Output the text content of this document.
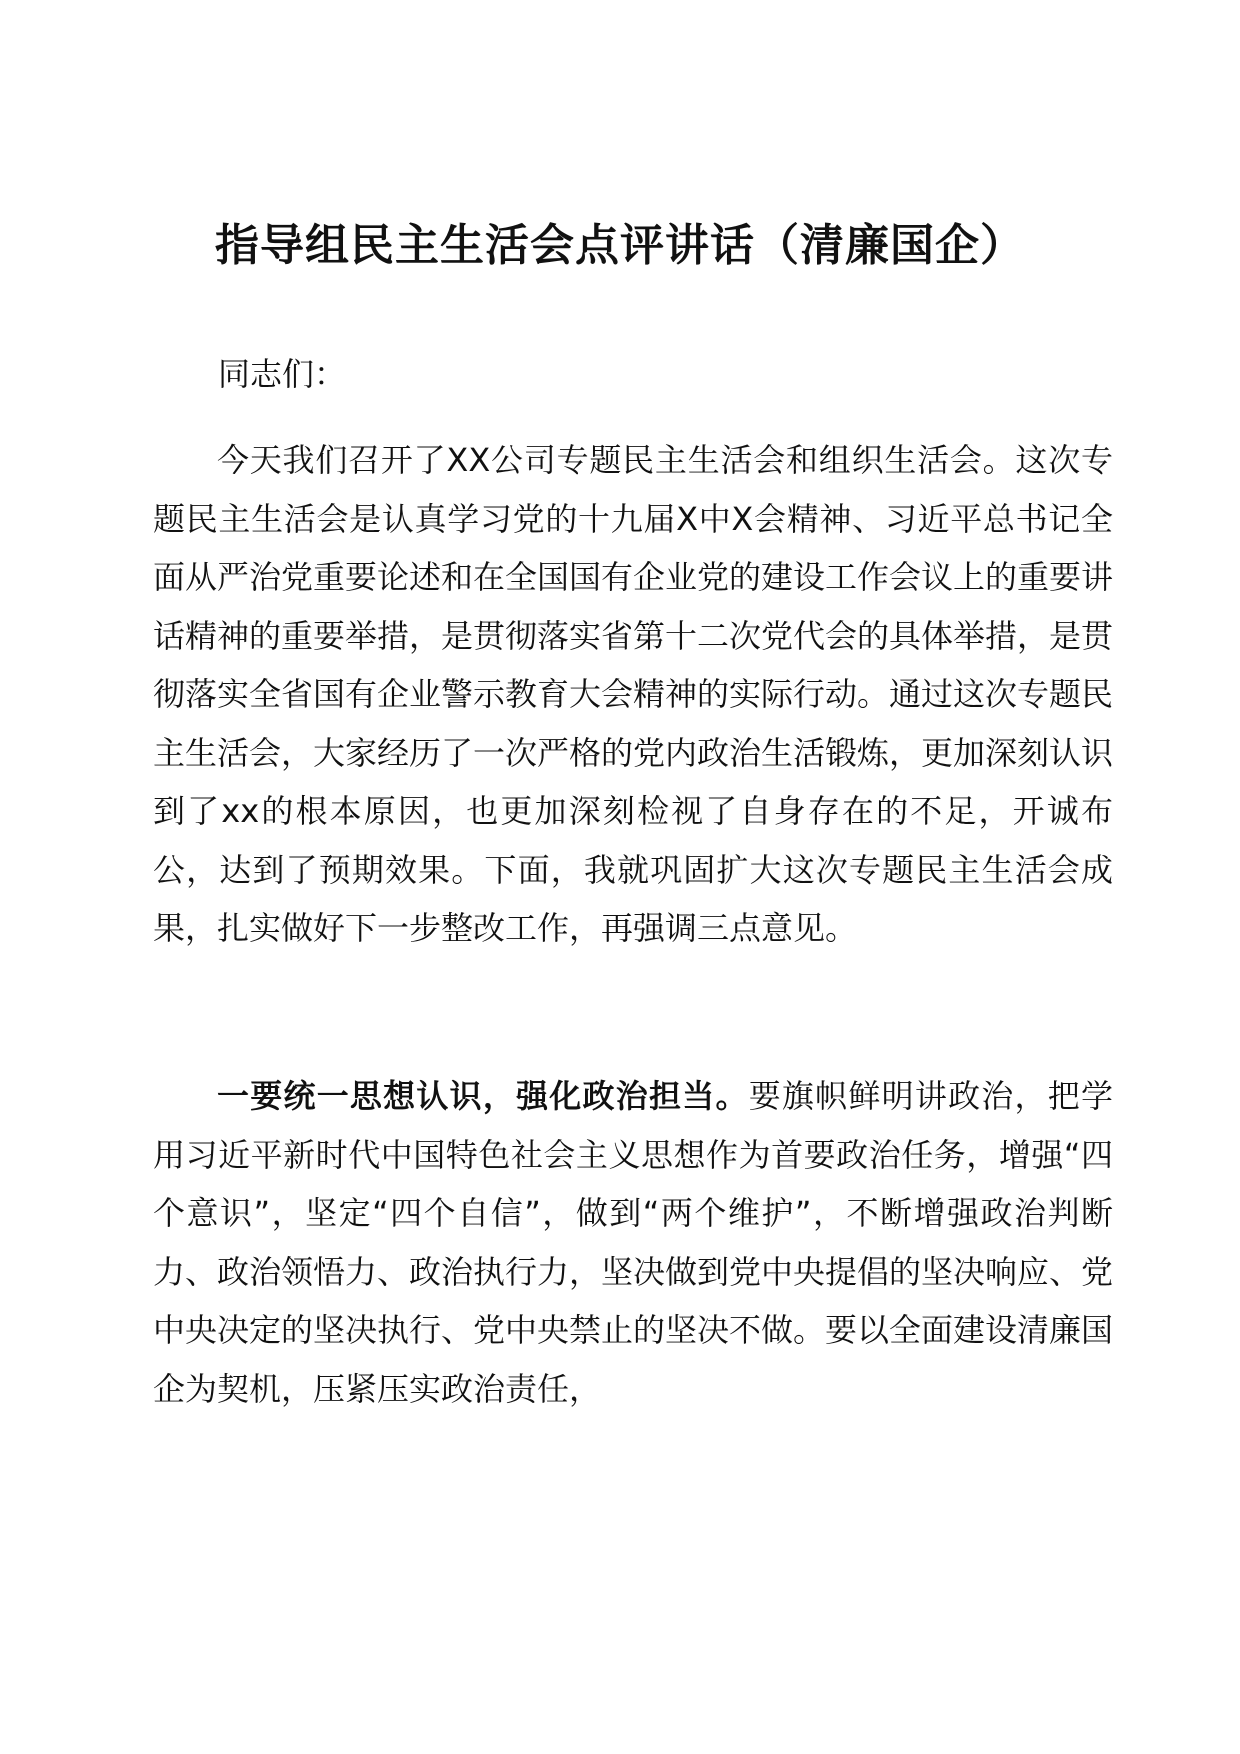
指导组民主生活会点评讲话（清廉国企）

同志们：

今天我们召开了XX公司专题民主生活会和组织生活会。这次专题民主生活会是认真学习党的十九届X中X会精神、习近平总书记全面从严治党重要论述和在全国国有企业党的建设工作会议上的重要讲话精神的重要举措，是贯彻落实省第十二次党代会的具体举措，是贯彻落实全省国有企业警示教育大会精神的实际行动。通过这次专题民主生活会，大家经历了一次严格的党内政治生活锻炼，更加深刻认识到了xx的根本原因，也更加深刻检视了自身存在的不足，开诚布公，达到了预期效果。下面，我就巩固扩大这次专题民主生活会成果，扎实做好下一步整改工作，再强调三点意见。

一要统一思想认识，强化政治担当。要旗帜鲜明讲政治，把学用习近平新时代中国特色社会主义思想作为首要政治任务，增强“四个意识”，坚定“四个自信”，做到“两个维护”，不断增强政治判断力、政治领悟力、政治执行力，坚决做到党中央提倡的坚决响应、党中央决定的坚决执行、党中央禁止的坚决不做。要以全面建设清廉国企为契机，压紧压实政治责任，
